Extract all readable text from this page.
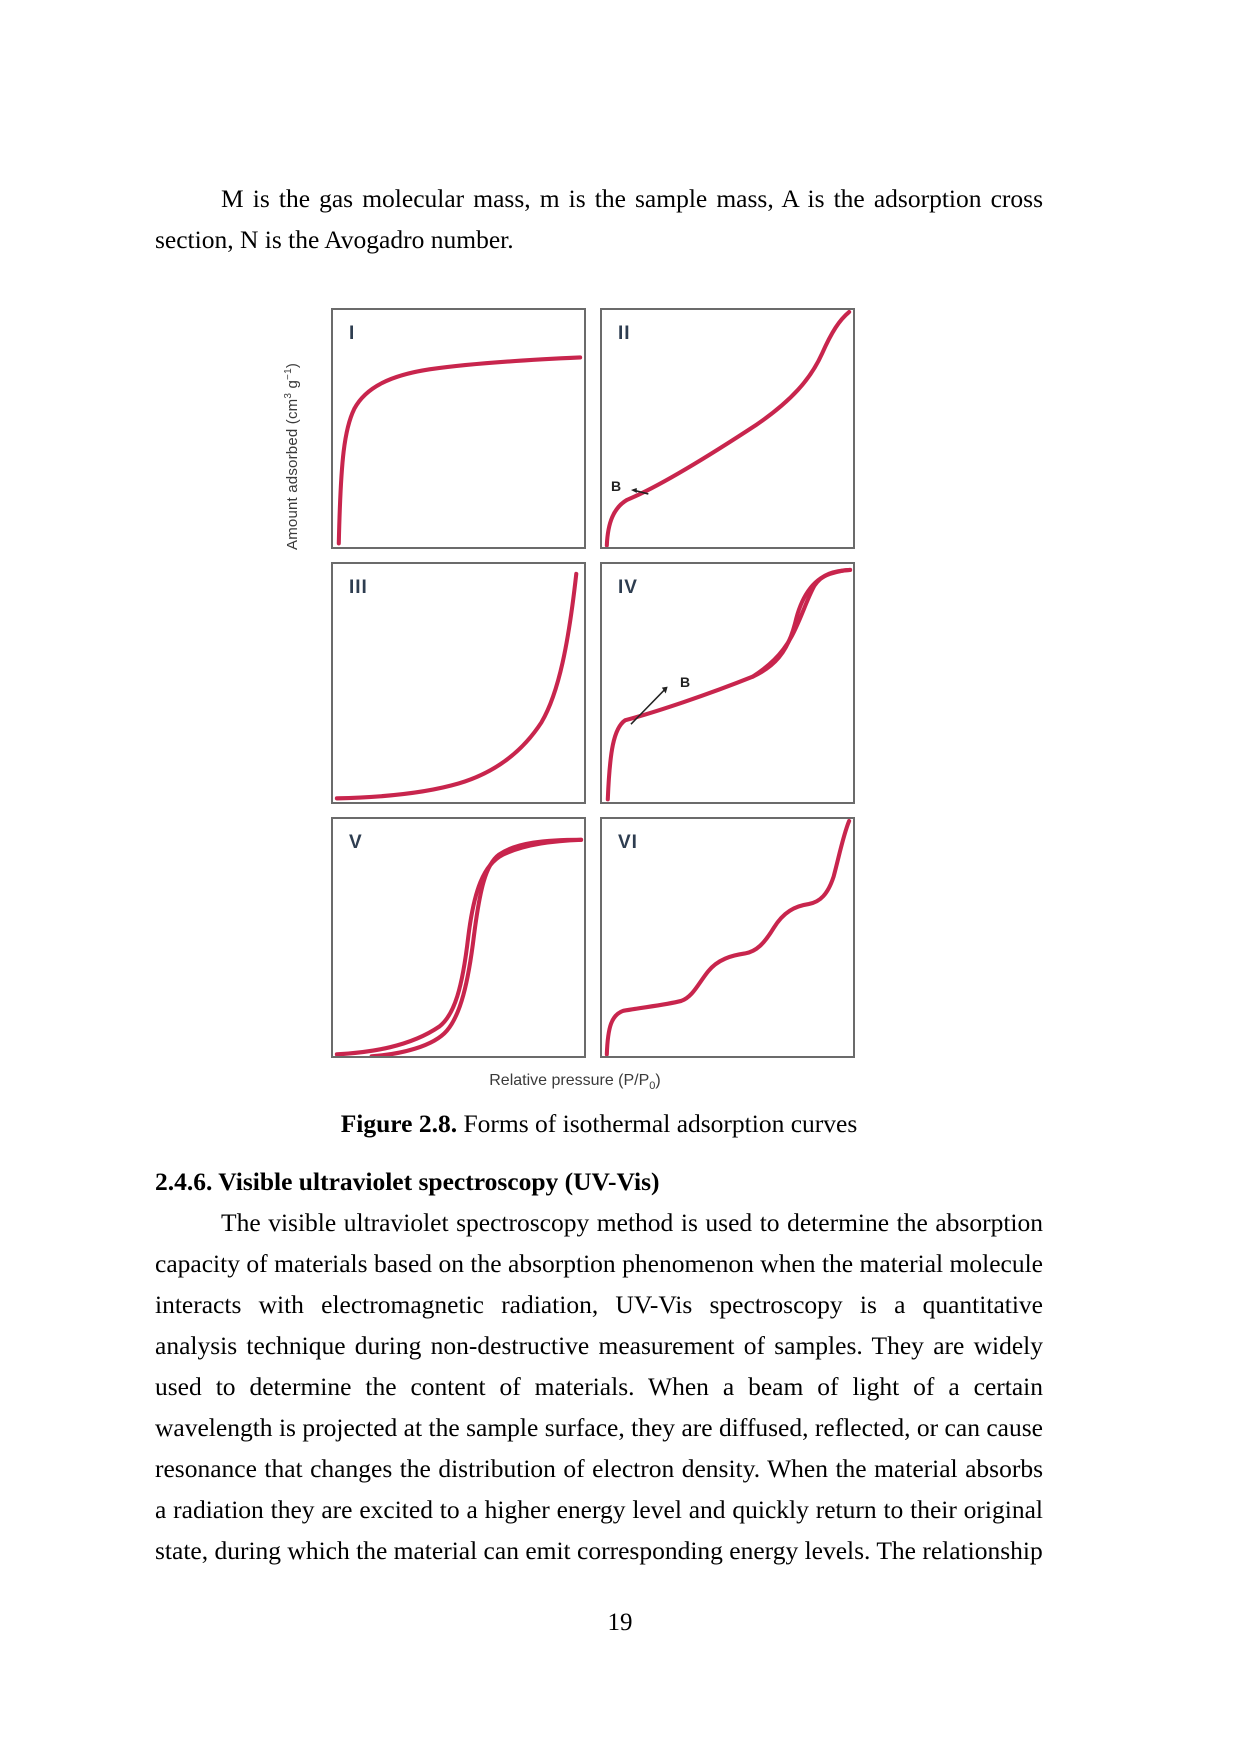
M is the gas molecular mass, m is the sample mass, A is the adsorption cross section, N is the Avogadro number.

Amount adsorbed ($cm^3$ $g^{-1}$)
I	II
B
III	IV
B
V	VI
Relative pressure $(P/P_0)$
Figure 2.8. Forms of isothermal adsorption curves
2.4.6. Visible ultraviolet spectroscopy (UV-Vis)

The visible ultraviolet spectroscopy method is used to determine the absorption capacity of materials based on the absorption phenomenon when the material molecule interacts with electromagnetic radiation, UV-Vis spectroscopy is a quantitative analysis technique during non-destructive measurement of samples. They are widely used to determine the content of materials. When a beam of light of a certain wavelength is projected at the sample surface, they are diffused, reflected, or can cause resonance that changes the distribution of electron density. When the material absorbs a radiation they are excited to a higher energy level and quickly return to their original state, during which the material can emit corresponding energy levels. The relationship

19
